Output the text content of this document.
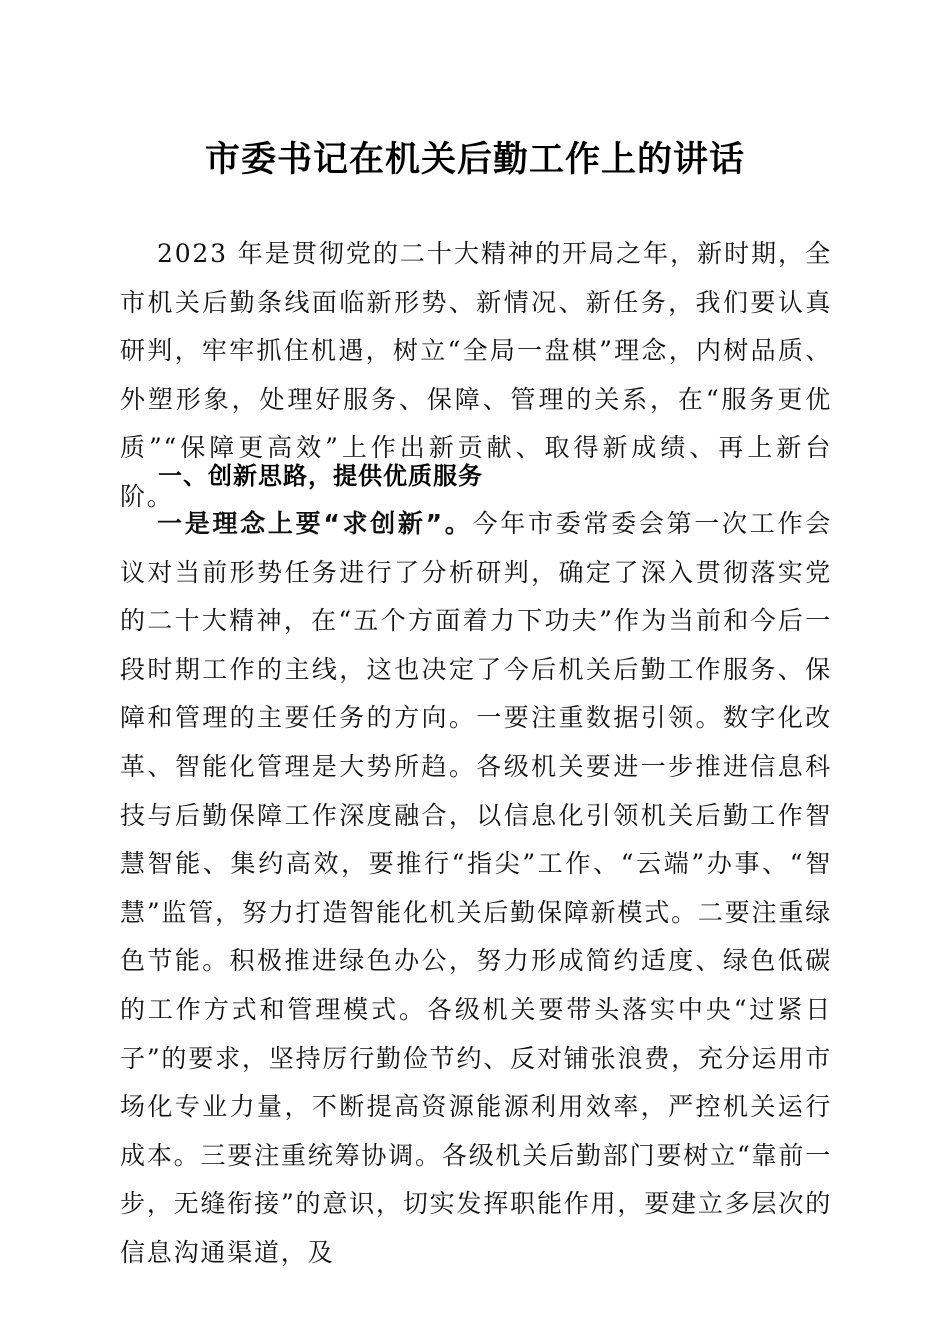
市委书记在机关后勤工作上的讲话

2023 年是贯彻党的二十大精神的开局之年，新时期，全市机关后勤条线面临新形势、新情况、新任务，我们要认真研判，牢牢抓住机遇，树立“全局一盘棋”理念，内树品质、外塑形象，处理好服务、保障、管理的关系，在“服务更优质”“保障更高效”上作出新贡献、取得新成绩、再上新台阶。

一、创新思路，提供优质服务

一是理念上要“求创新”。今年市委常委会第一次工作会议对当前形势任务进行了分析研判，确定了深入贯彻落实党的二十大精神，在“五个方面着力下功夫”作为当前和今后一段时期工作的主线，这也决定了今后机关后勤工作服务、保障和管理的主要任务的方向。一要注重数据引领。数字化改革、智能化管理是大势所趋。各级机关要进一步推进信息科技与后勤保障工作深度融合，以信息化引领机关后勤工作智慧智能、集约高效，要推行“指尖”工作、“云端”办事、“智慧”监管，努力打造智能化机关后勤保障新模式。二要注重绿色节能。积极推进绿色办公，努力形成简约适度、绿色低碳的工作方式和管理模式。各级机关要带头落实中央“过紧日子”的要求，坚持厉行勤俭节约、反对铺张浪费，充分运用市场化专业力量，不断提高资源能源利用效率，严控机关运行成本。三要注重统筹协调。各级机关后勤部门要树立“靠前一步，无缝衔接”的意识，切实发挥职能作用，要建立多层次的信息沟通渠道，及
